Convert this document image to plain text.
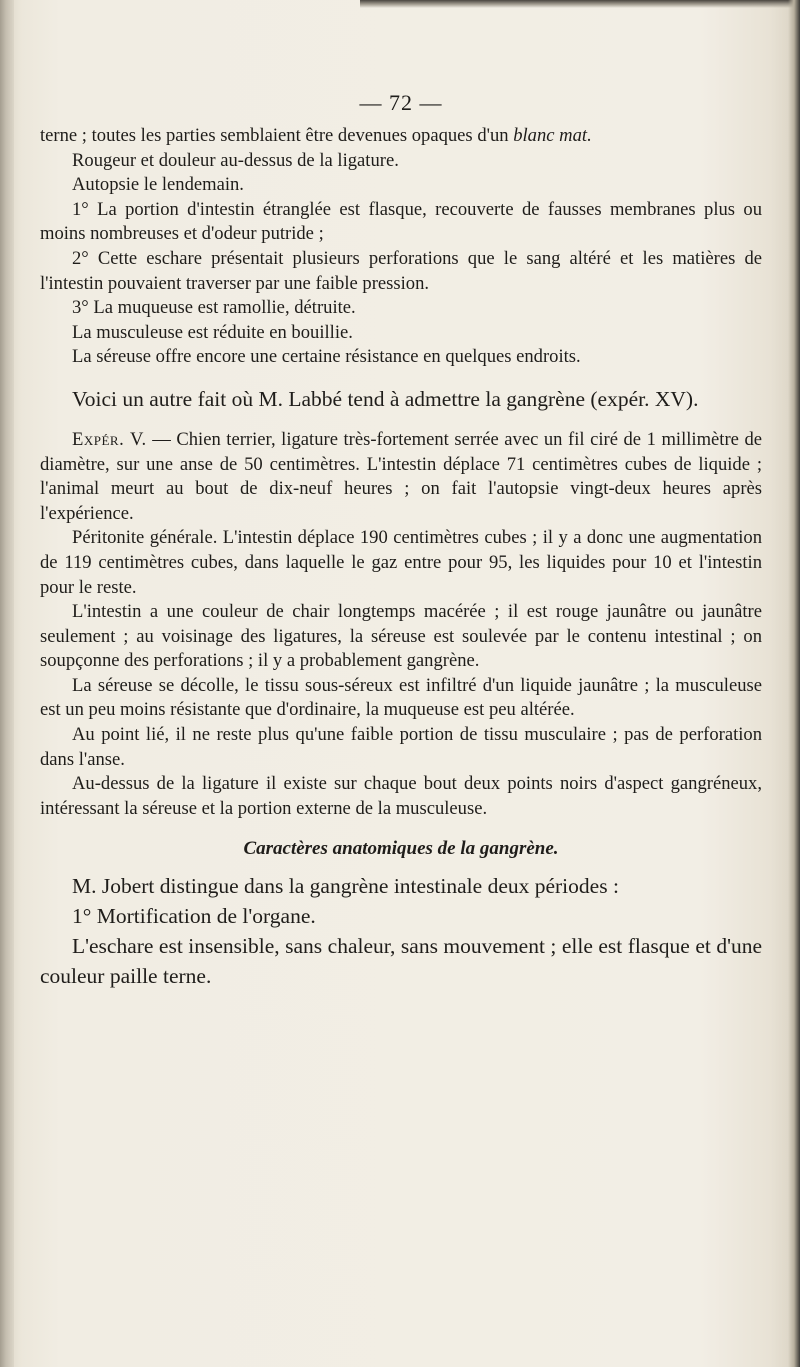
— 72 —

terne ; toutes les parties semblaient être devenues opaques d'un blanc mat.

Rougeur et douleur au-dessus de la ligature.

Autopsie le lendemain.

1° La portion d'intestin étranglée est flasque, recouverte de fausses membranes plus ou moins nombreuses et d'odeur putride ;

2° Cette eschare présentait plusieurs perforations que le sang altéré et les matières de l'intestin pouvaient traverser par une faible pression.

3° La muqueuse est ramollie, détruite.

La musculeuse est réduite en bouillie.

La séreuse offre encore une certaine résistance en quelques endroits.

Voici un autre fait où M. Labbé tend à admettre la gangrène (expér. XV).

Expér. V. — Chien terrier, ligature très-fortement serrée avec un fil ciré de 1 millimètre de diamètre, sur une anse de 50 centimètres. L'intestin déplace 71 centimètres cubes de liquide ; l'animal meurt au bout de dix-neuf heures ; on fait l'autopsie vingt-deux heures après l'expérience.

Péritonite générale. L'intestin déplace 190 centimètres cubes ; il y a donc une augmentation de 119 centimètres cubes, dans laquelle le gaz entre pour 95, les liquides pour 10 et l'intestin pour le reste.

L'intestin a une couleur de chair longtemps macérée ; il est rouge jaunâtre ou jaunâtre seulement ; au voisinage des ligatures, la séreuse est soulevée par le contenu intestinal ; on soupçonne des perforations ; il y a probablement gangrène.

La séreuse se décolle, le tissu sous-séreux est infiltré d'un liquide jaunâtre ; la musculeuse est un peu moins résistante que d'ordinaire, la muqueuse est peu altérée.

Au point lié, il ne reste plus qu'une faible portion de tissu musculaire ; pas de perforation dans l'anse.

Au-dessus de la ligature il existe sur chaque bout deux points noirs d'aspect gangréneux, intéressant la séreuse et la portion externe de la musculeuse.

Caractères anatomiques de la gangrène.

M. Jobert distingue dans la gangrène intestinale deux périodes :

1° Mortification de l'organe.

L'eschare est insensible, sans chaleur, sans mouvement ; elle est flasque et d'une couleur paille terne.
